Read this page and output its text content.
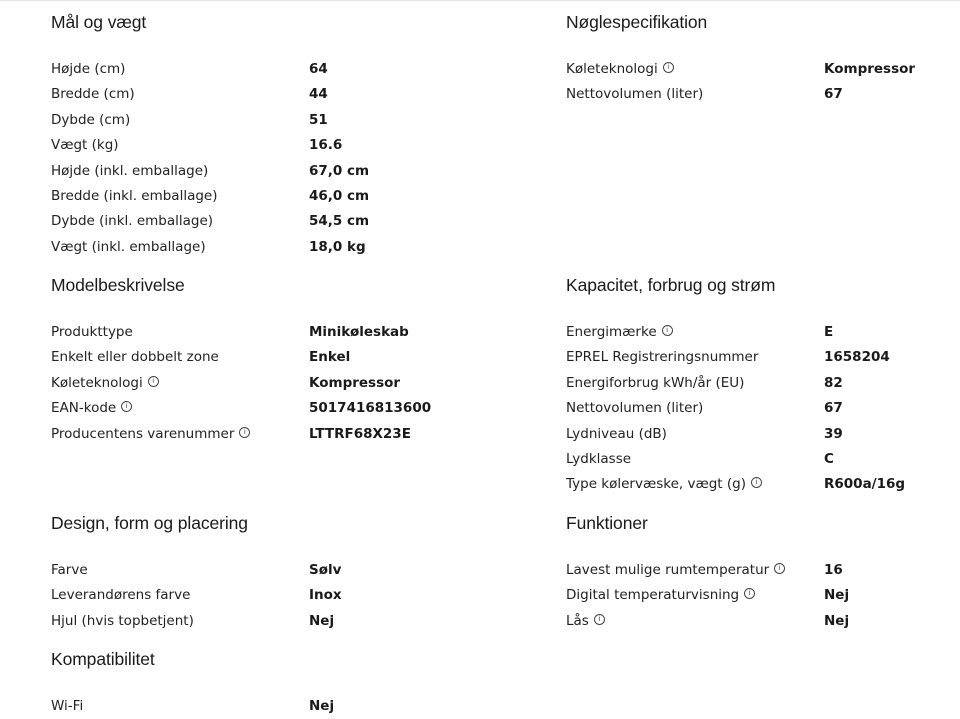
Mål og vægt
Højde (cm)	64
Bredde (cm)	44
Dybde (cm)	51
Vægt (kg)	16.6
Højde (inkl. emballage)	67,0 cm
Bredde (inkl. emballage)	46,0 cm
Dybde (inkl. emballage)	54,5 cm
Vægt (inkl. emballage)	18,0 kg
Nøglespecifikation
Køleteknologi i	Kompressor
Nettovolumen (liter)	67
Modelbeskrivelse
Produkttype	Minikøleskab
Enkelt eller dobbelt zone	Enkel
Køleteknologi i	Kompressor
EAN-kode i	5017416813600
Producentens varenummer i	LTTRF68X23E
Kapacitet, forbrug og strøm
Energimærke i	E
EPREL Registreringsnummer	1658204
Energiforbrug kWh/år (EU)	82
Nettovolumen (liter)	67
Lydniveau (dB)	39
Lydklasse	C
Type kølervæske, vægt (g) i	R600a/16g
Design, form og placering
Farve	Sølv
Leverandørens farve	Inox
Hjul (hvis topbetjent)	Nej
Funktioner
Lavest mulige rumtemperatur i	16
Digital temperaturvisning i	Nej
Lås i	Nej
Kompatibilitet
Wi-Fi	Nej
